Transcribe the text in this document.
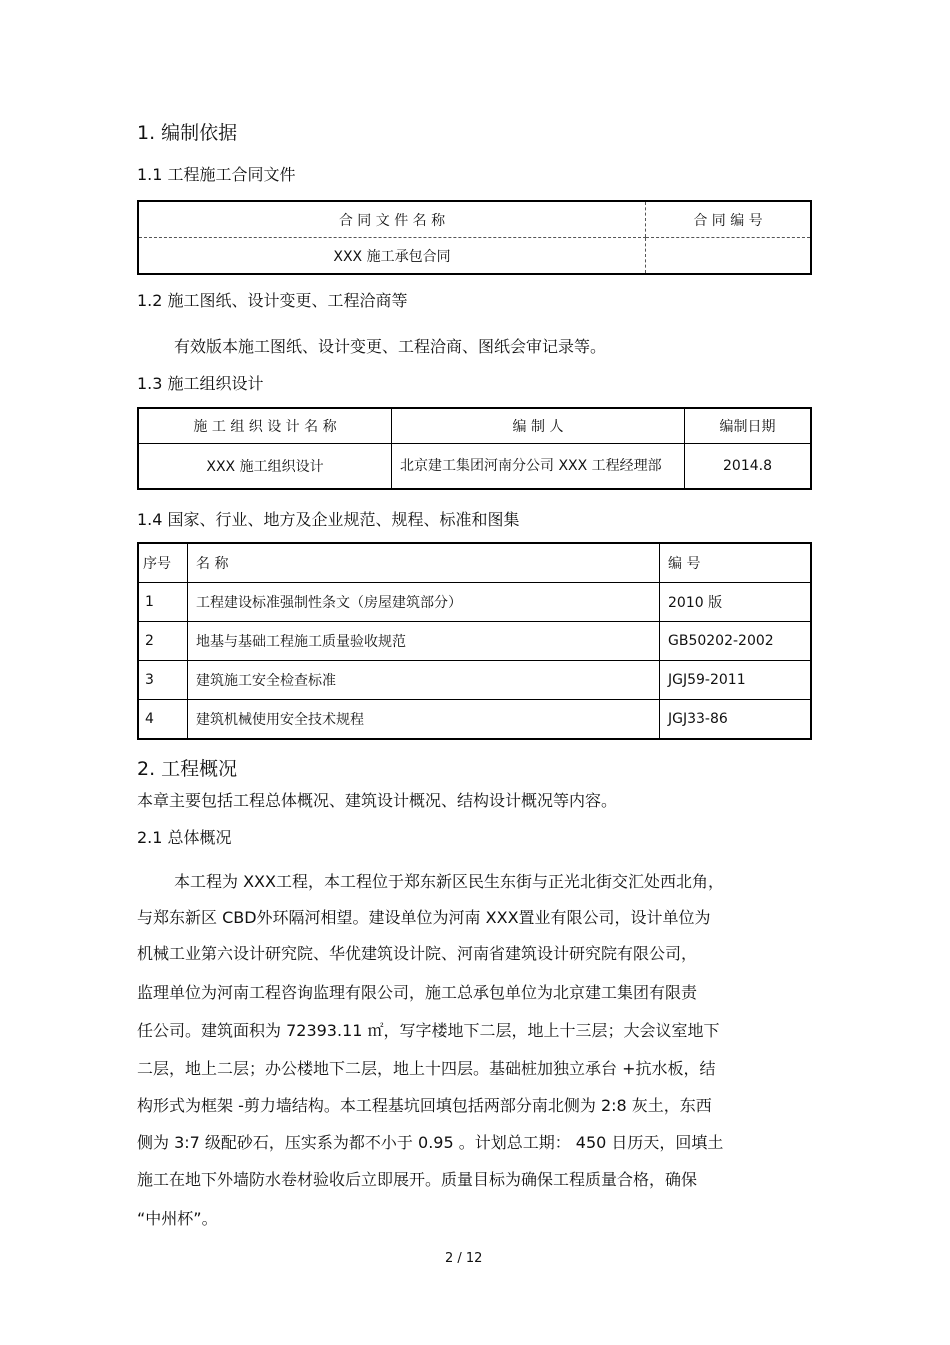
1. 编制依据
1.1 工程施工合同文件
合 同 文 件 名 称	合 同 编 号
XXX 施工承包合同	
1.2 施工图纸、设计变更、工程洽商等
有效版本施工图纸、设计变更、工程洽商、图纸会审记录等。
1.3 施工组织设计
施 工 组 织 设 计 名 称	编 制 人	编制日期
XXX 施工组织设计	北京建工集团河南分公司 XXX 工程经理部	2014.8
1.4 国家、行业、地方及企业规范、规程、标准和图集
序号	名 称	编 号
1	工程建设标准强制性条文（房屋建筑部分）	2010 版
2	地基与基础工程施工质量验收规范	GB50202-2002
3	建筑施工安全检查标准	JGJ59-2011
4	建筑机械使用安全技术规程	JGJ33-86
2. 工程概况
本章主要包括工程总体概况、建筑设计概况、结构设计概况等内容。
2.1 总体概况
本工程为 XXX工程，本工程位于郑东新区民生东街与正光北街交汇处西北角，
与郑东新区 CBD外环隔河相望。建设单位为河南 XXX置业有限公司，设计单位为
机械工业第六设计研究院、华优建筑设计院、河南省建筑设计研究院有限公司，
监理单位为河南工程咨询监理有限公司，施工总承包单位为北京建工集团有限责
任公司。建筑面积为 72393.11 ㎡，写字楼地下二层，地上十三层；大会议室地下
二层，地上二层；办公楼地下二层，地上十四层。基础桩加独立承台 +抗水板，结
构形式为框架 -剪力墙结构。本工程基坑回填包括两部分南北侧为 2:8 灰土，东西
侧为 3:7 级配砂石，压实系为都不小于 0.95 。计划总工期： 450 日历天，回填土
施工在地下外墙防水卷材验收后立即展开。质量目标为确保工程质量合格，确保
“中州杯”。
2 / 12
